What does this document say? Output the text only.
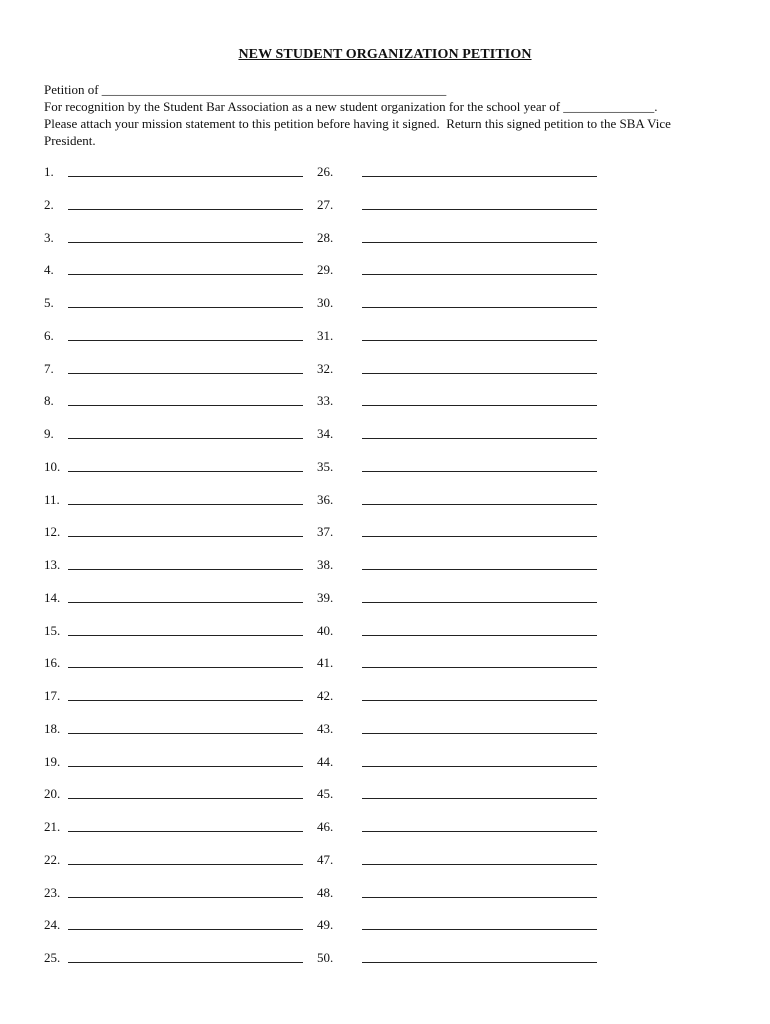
NEW STUDENT ORGANIZATION PETITION
Petition of _____________________________________________________
For recognition by the Student Bar Association as a new student organization for the school year of ______________.
Please attach your mission statement to this petition before having it signed.  Return this signed petition to the SBA Vice
President.
1.
2.
3.
4.
5.
6.
7.
8.
9.
10.
11.
12.
13.
14.
15.
16.
17.
18.
19.
20.
21.
22.
23.
24.
25.
26.
27.
28.
29.
30.
31.
32.
33.
34.
35.
36.
37.
38.
39.
40.
41.
42.
43.
44.
45.
46.
47.
48.
49.
50.
